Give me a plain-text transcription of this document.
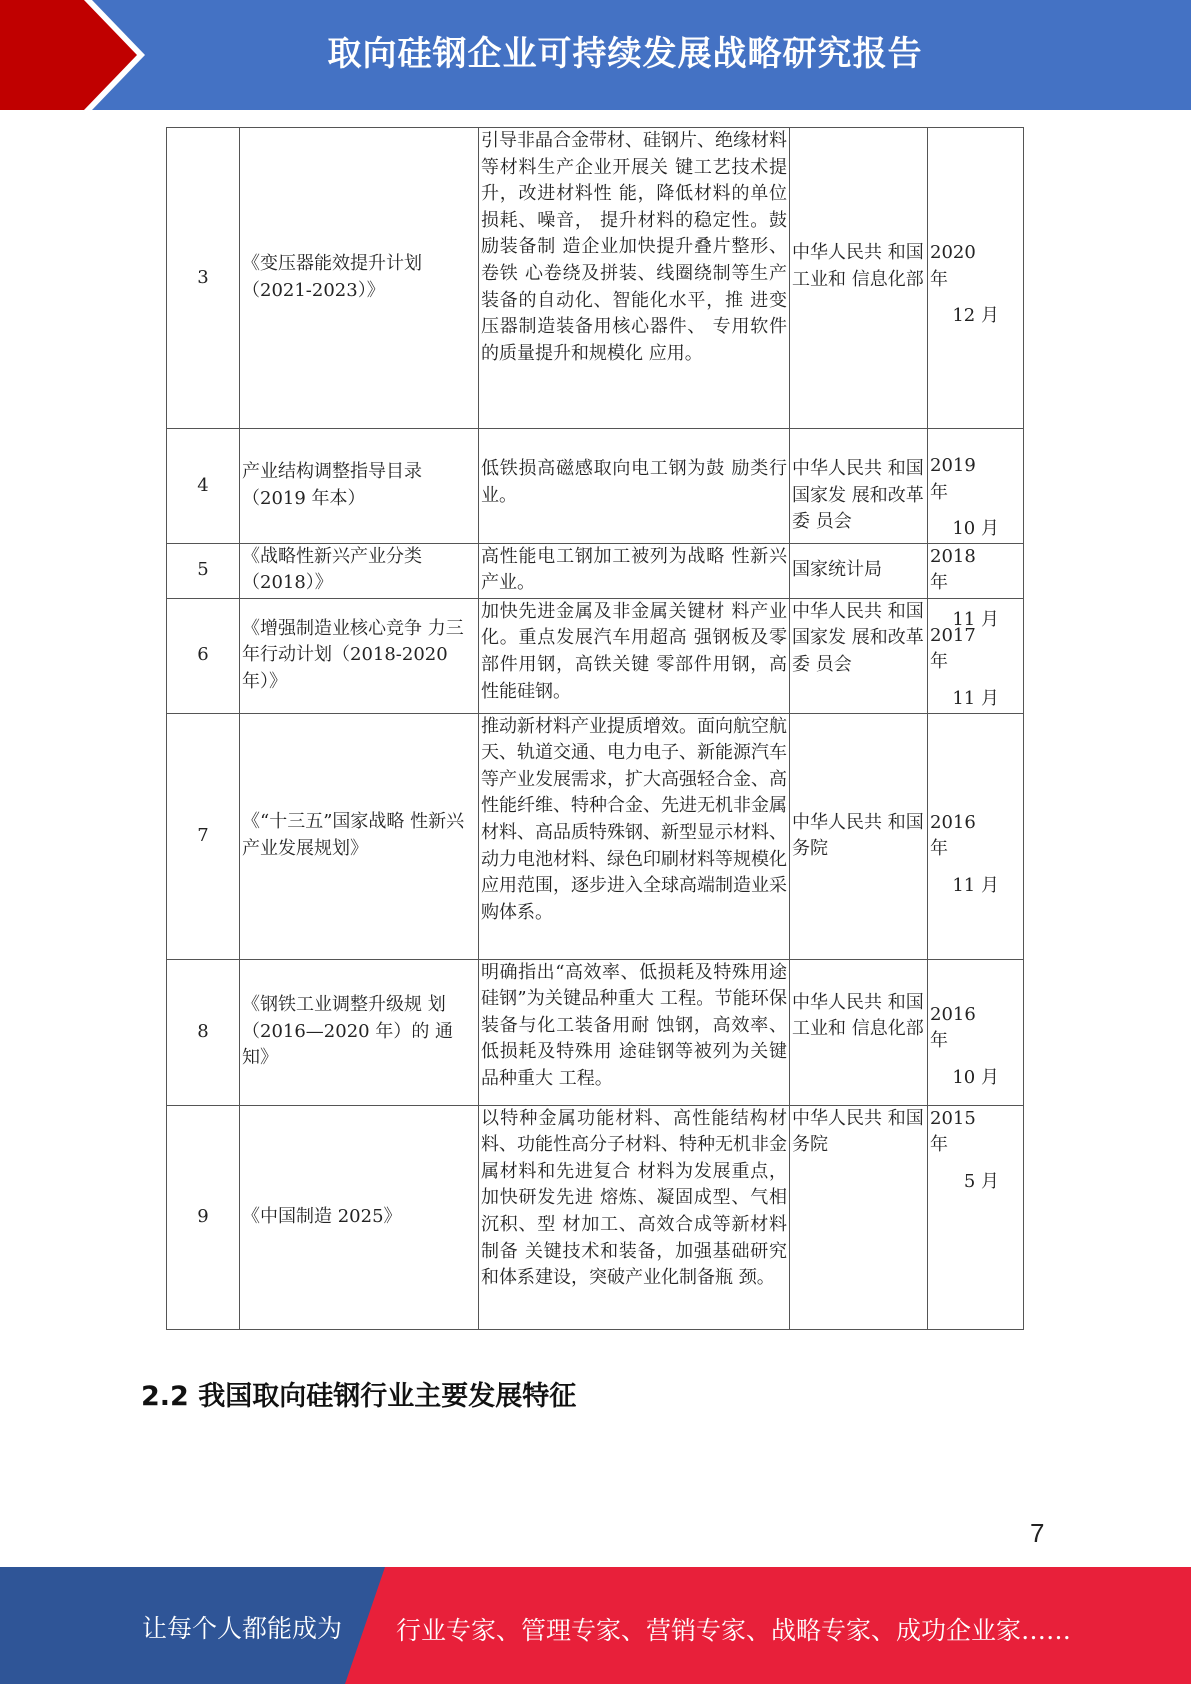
取向硅钢企业可持续发展战略研究报告
3	《变压器能效提升计划（2021-2023）》	引导非晶合金带材、硅钢片、绝缘材料等材料生产企业开展关 键工艺技术提升，改进材料性 能，降低材料的单位损耗、噪音， 提升材料的稳定性。鼓励装备制 造企业加快提升叠片整形、卷铁 心卷绕及拼装、线圈绕制等生产 装备的自动化、智能化水平，推 进变压器制造装备用核心器件、 专用软件的质量提升和规模化 应用。	中华人民共 和国工业和 信息化部	2020 年
12 月

4	产业结构调整指导目录（2019 年本）	低铁损高磁感取向电工钢为鼓 励类行业。	中华人民共 和国国家发 展和改革委 员会	2019 年
10 月

5	《战略性新兴产业分类（2018）》	高性能电工钢加工被列为战略 性新兴产业。	国家统计局	2018 年
11 月

6	《增强制造业核心竞争 力三年行动计划（2018-2020 年）》	加快先进金属及非金属关键材 料产业化。重点发展汽车用超高 强钢板及零部件用钢，高铁关键 零部件用钢，高性能硅钢。	中华人民共 和国国家发 展和改革委 员会	2017 年
11 月

7	《“十三五”国家战略 性新兴产业发展规划》	推动新材料产业提质增效。面向航空航天、轨道交通、电力电子、新能源汽车等产业发展需求，扩大高强轻合金、高性能纤维、特种合金、先进无机非金属材料、高品质特殊钢、新型显示材料、动力电池材料、绿色印刷材料等规模化应用范围，逐步进入全球高端制造业采购体系。	中华人民共 和国务院	2016 年
11 月

8	《钢铁工业调整升级规 划（2016—2020 年）的 通知》	明确指出“高效率、低损耗及特殊用途硅钢”为关键品种重大 工程。节能环保装备与化工装备用耐 蚀钢，高效率、低损耗及特殊用 途硅钢等被列为关键品种重大 工程。	中华人民共 和国工业和 信息化部	2016 年
10 月

9	《中国制造 2025》	以特种金属功能材料、高性能结构材料、功能性高分子材料、特种无机非金属材料和先进复合 材料为发展重点，加快研发先进 熔炼、凝固成型、气相沉积、型 材加工、高效合成等新材料制备 关键技术和装备，加强基础研究 和体系建设，突破产业化制备瓶 颈。	中华人民共 和国务院	2015 年
5 月
2.2 我国取向硅钢行业主要发展特征
7
让每个人都能成为 行业专家、管理专家、营销专家、战略专家、成功企业家……
